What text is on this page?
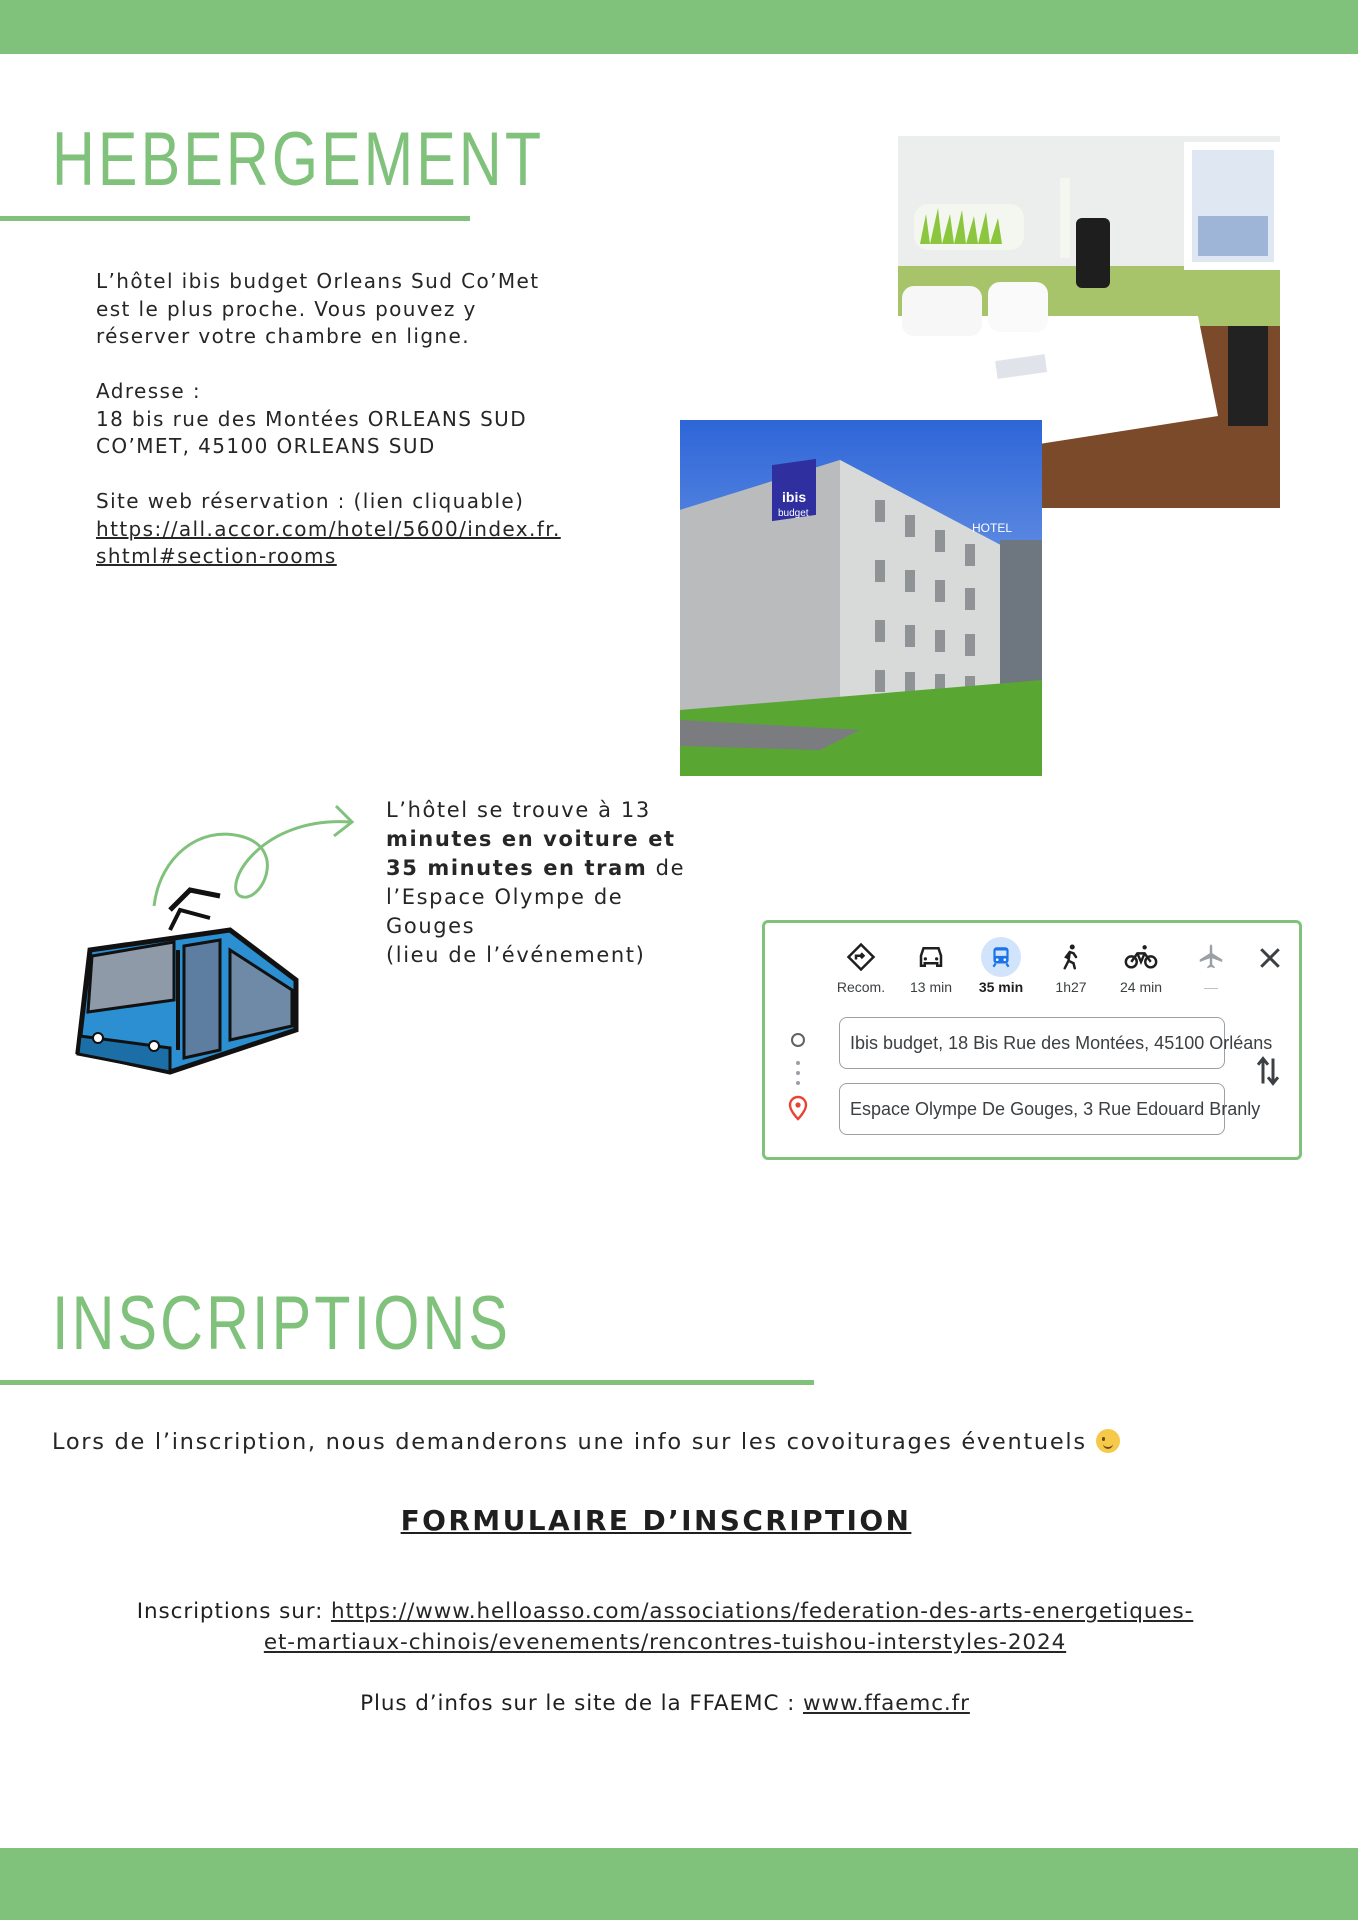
HEBERGEMENT

L’hôtel ibis budget Orleans Sud Co’Met

est le plus proche. Vous pouvez y

réserver votre chambre en ligne.

Adresse :

18 bis rue des Montées ORLEANS SUD

CO’MET, 45100 ORLEANS SUD

Site web réservation : (lien cliquable)

https://all.accor.com/hotel/5600/index.fr.
shtml#section-rooms
ibis
budget
HOTEL

L’hôtel se trouve à 13

minutes en voiture et

35 minutes en tram de

l’Espace Olympe de

Gouges

(lieu de l’événement)

Recom.	13 min	35 min	1h27	24 min	—
Ibis budget, 18 Bis Rue des Montées, 45100 Orléans
Espace Olympe De Gouges, 3 Rue Edouard Branly
INSCRIPTIONS
Lors de l’inscription, nous demanderons une info sur les covoiturages éventuels
FORMULAIRE D’INSCRIPTION

Inscriptions sur: https://www.helloasso.com/associations/federation-des-arts-energetiques-

et-martiaux-chinois/evenements/rencontres-tuishou-interstyles-2024

Plus d’infos sur le site de la FFAEMC : www.ffaemc.fr
